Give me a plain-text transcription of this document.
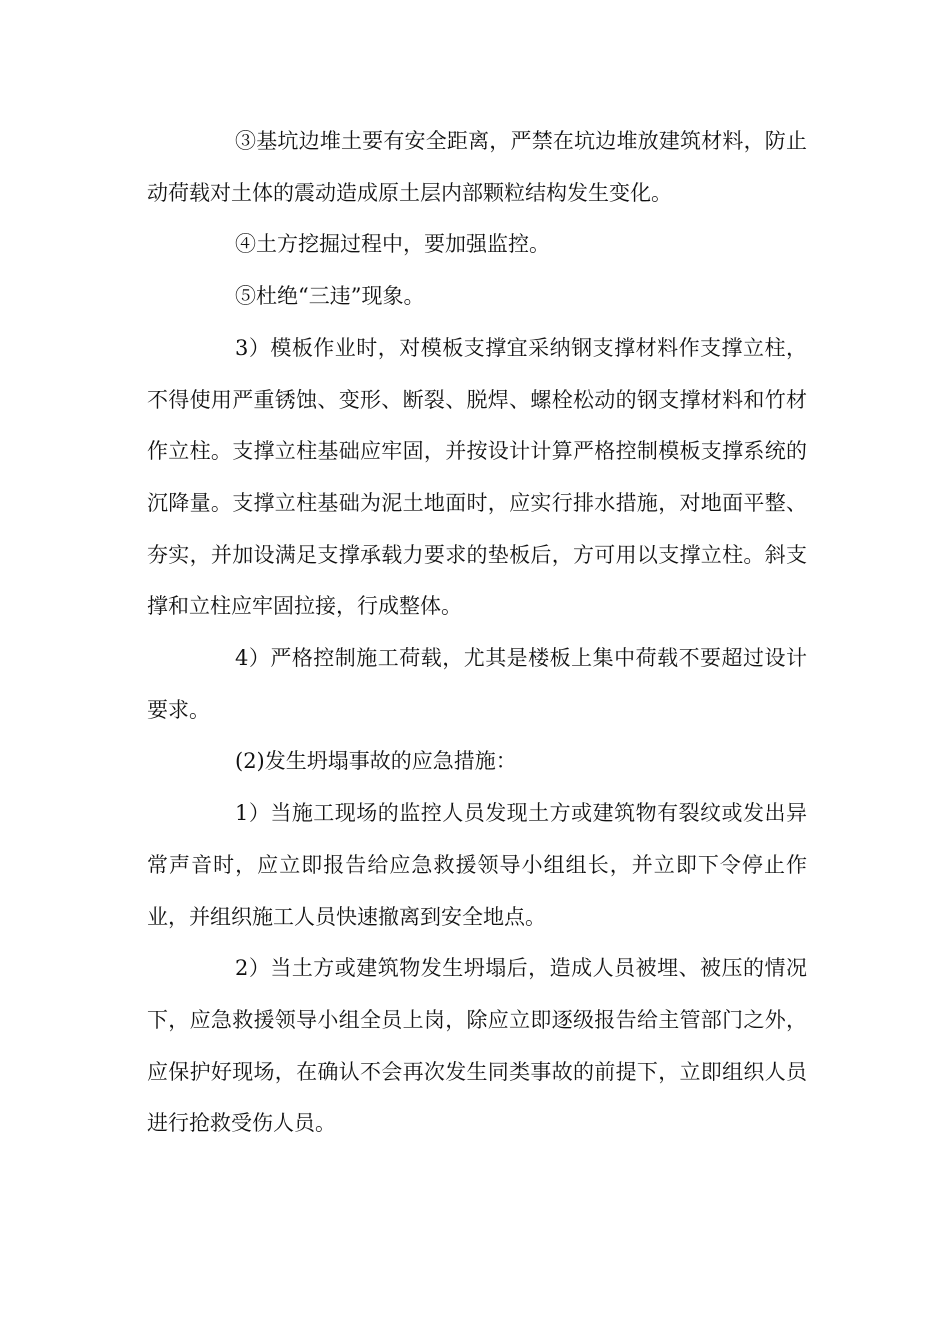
③基坑边堆土要有安全距离，严禁在坑边堆放建筑材料，防止动荷载对土体的震动造成原土层内部颗粒结构发生变化。

④土方挖掘过程中，要加强监控。

⑤杜绝“三违”现象。

3）模板作业时，对模板支撑宜采纳钢支撑材料作支撑立柱，不得使用严重锈蚀、变形、断裂、脱焊、螺栓松动的钢支撑材料和竹材作立柱。支撑立柱基础应牢固，并按设计计算严格控制模板支撑系统的沉降量。支撑立柱基础为泥土地面时，应实行排水措施，对地面平整、夯实，并加设满足支撑承载力要求的垫板后，方可用以支撑立柱。斜支撑和立柱应牢固拉接，行成整体。

4）严格控制施工荷载，尤其是楼板上集中荷载不要超过设计要求。

(2)发生坍塌事故的应急措施：

1）当施工现场的监控人员发现土方或建筑物有裂纹或发出异常声音时，应立即报告给应急救援领导小组组长，并立即下令停止作业，并组织施工人员快速撤离到安全地点。

2）当土方或建筑物发生坍塌后，造成人员被埋、被压的情况下，应急救援领导小组全员上岗，除应立即逐级报告给主管部门之外，应保护好现场，在确认不会再次发生同类事故的前提下，立即组织人员进行抢救受伤人员。
